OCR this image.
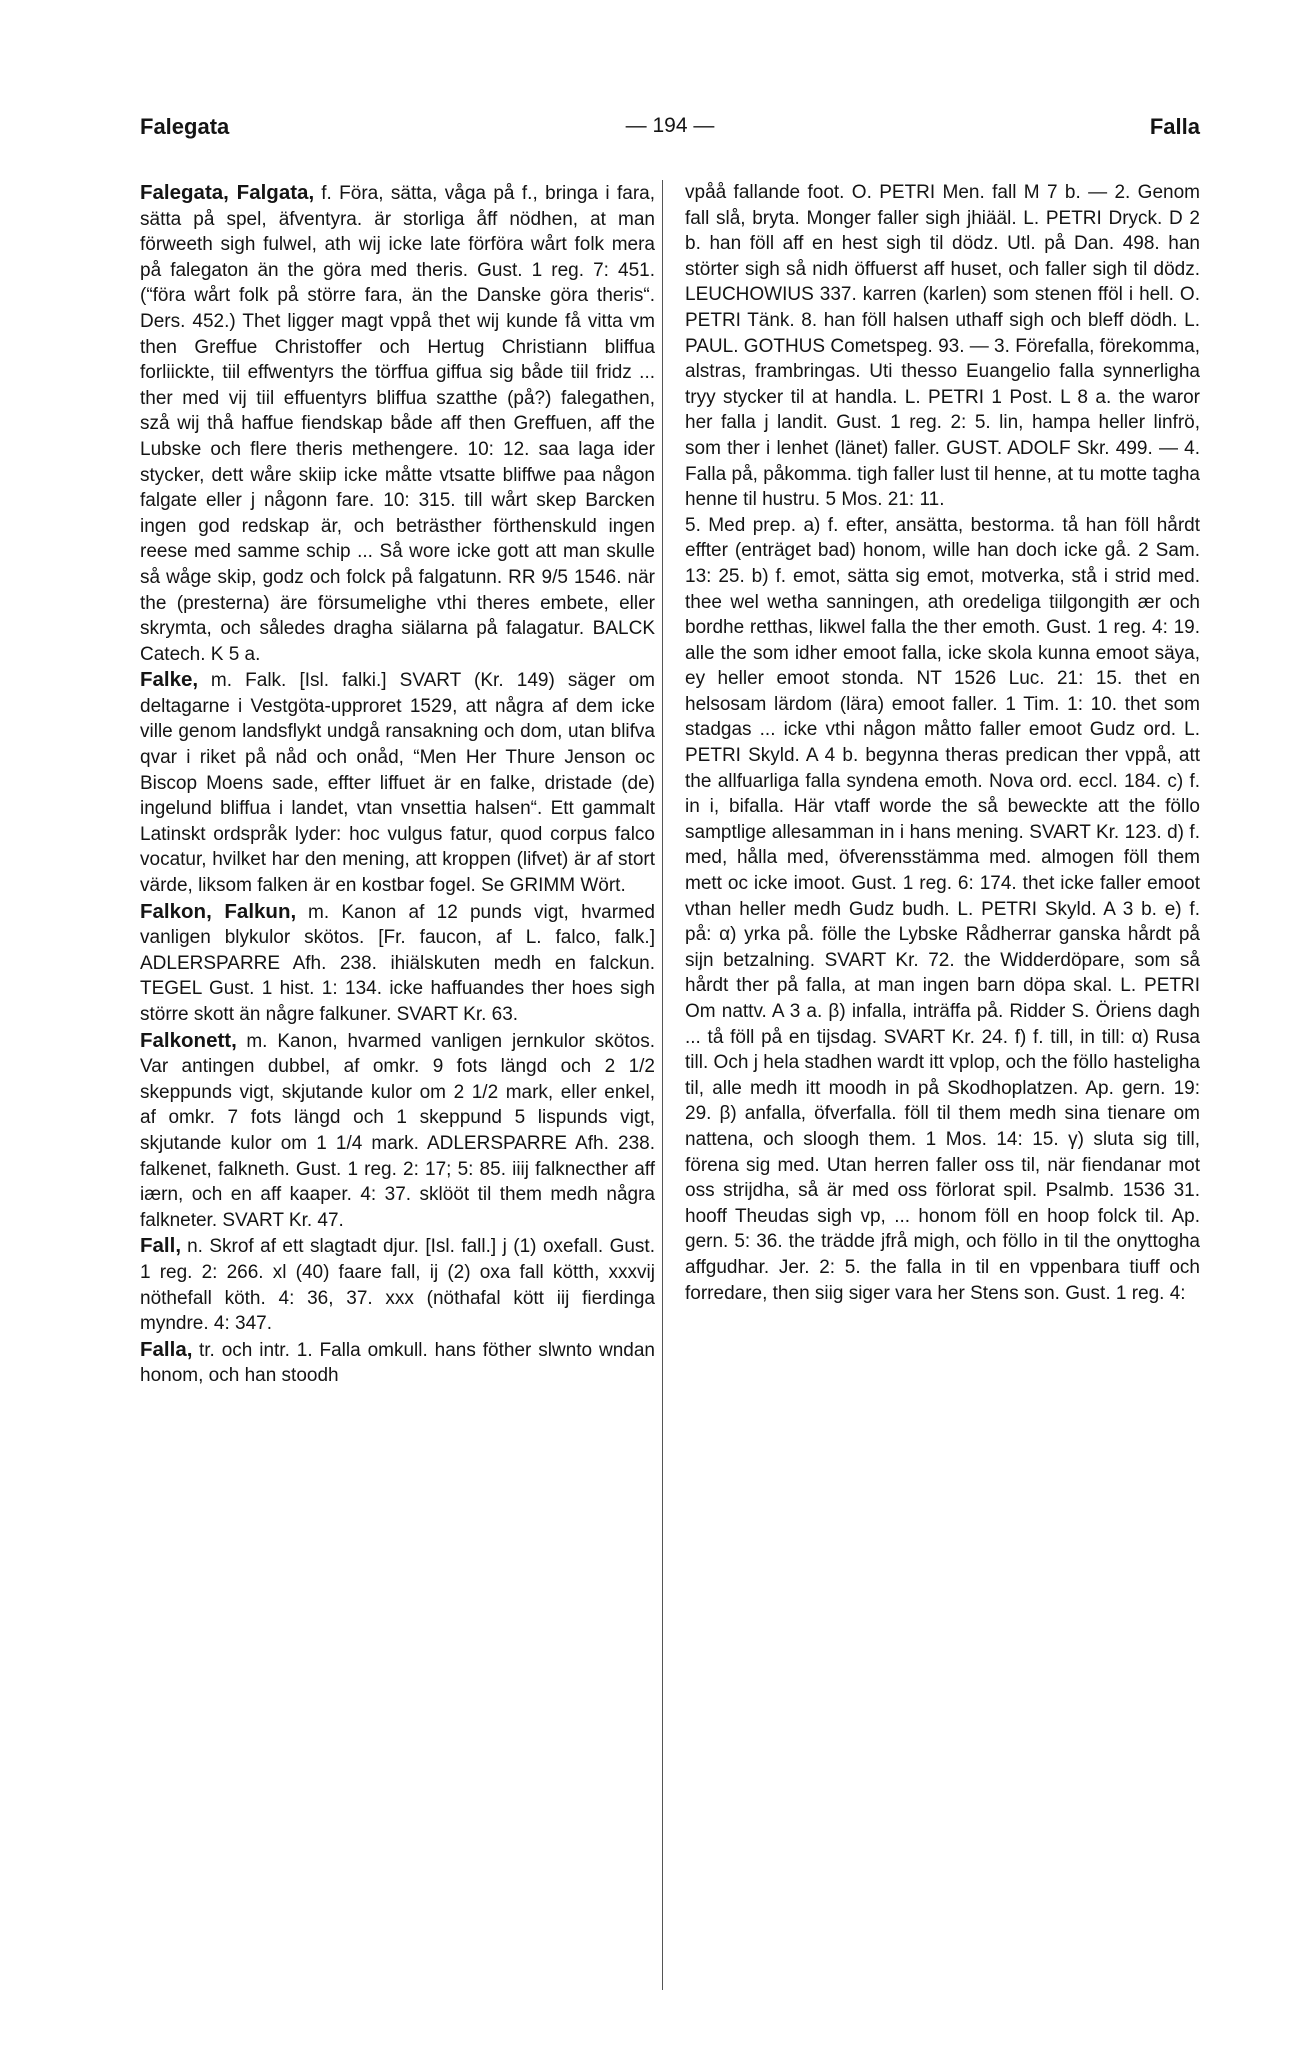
Falegata	— 194 —	Falla

Falegata, Falgata, f. Föra, sätta, våga på f., bringa i fara, sätta på spel, äfventyra. är storliga åff nödhen, at man förweeth sigh fulwel, ath wij icke late förföra wårt folk mera på falegaton än the göra med theris. Gust. 1 reg. 7: 451. (“föra wårt folk på större fara, än the Danske göra theris“. Ders. 452.) Thet ligger magt vppå thet wij kunde få vitta vm then Greffue Christoffer och Hertug Christiann bliffua forliickte, tiil effwentyrs the törffua giffua sig både tiil fridz ... ther med vij tiil effuentyrs bliffua szatthe (på?) falegathen, szå wij thå haffue fiendskap både aff then Greffuen, aff the Lubske och flere theris methengere. 10: 12. saa laga ider stycker, dett wåre skiip icke måtte vtsatte bliffwe paa någon falgate eller j någonn fare. 10: 315. till wårt skep Barcken ingen god redskap är, och beträsther förthenskuld ingen reese med samme schip ... Så wore icke gott att man skulle så wåge skip, godz och folck på falgatunn. RR 9/5 1546. när the (presterna) äre försumelighe vthi theres embete, eller skrymta, och således dragha siälarna på falagatur. BALCK Catech. K 5 a.

Falke, m. Falk. [Isl. falki.] SVART (Kr. 149) säger om deltagarne i Vestgöta-upproret 1529, att några af dem icke ville genom landsflykt undgå ransakning och dom, utan blifva qvar i riket på nåd och onåd, “Men Her Thure Jenson oc Biscop Moens sade, effter liffuet är en falke, dristade (de) ingelund bliffua i landet, vtan vnsettia halsen“. Ett gammalt Latinskt ordspråk lyder: hoc vulgus fatur, quod corpus falco vocatur, hvilket har den mening, att kroppen (lifvet) är af stort värde, liksom falken är en kostbar fogel. Se GRIMM Wört.

Falkon, Falkun, m. Kanon af 12 punds vigt, hvarmed vanligen blykulor skötos. [Fr. faucon, af L. falco, falk.] ADLERSPARRE Afh. 238. ihiälskuten medh en falckun. TEGEL Gust. 1 hist. 1: 134. icke haffuandes ther hoes sigh större skott än någre falkuner. SVART Kr. 63.

Falkonett, m. Kanon, hvarmed vanligen jernkulor skötos. Var antingen dubbel, af omkr. 9 fots längd och 2 1/2 skeppunds vigt, skjutande kulor om 2 1/2 mark, eller enkel, af omkr. 7 fots längd och 1 skeppund 5 lispunds vigt, skjutande kulor om 1 1/4 mark. ADLERSPARRE Afh. 238. falkenet, falkneth. Gust. 1 reg. 2: 17; 5: 85. iiij falknecther aff iærn, och en aff kaaper. 4: 37. sklööt til them medh några falkneter. SVART Kr. 47.

Fall, n. Skrof af ett slagtadt djur. [Isl. fall.] j (1) oxefall. Gust. 1 reg. 2: 266. xl (40) faare fall, ij (2) oxa fall kötth, xxxvij nöthefall köth. 4: 36, 37. xxx (nöthafal kött iij fierdinga myndre. 4: 347.

Falla, tr. och intr. 1. Falla omkull. hans föther slwnto wndan honom, och han stoodh

vpåå fallande foot. O. PETRI Men. fall M 7 b. — 2. Genom fall slå, bryta. Monger faller sigh jhiääl. L. PETRI Dryck. D 2 b. han föll aff en hest sigh til dödz. Utl. på Dan. 498. han störter sigh så nidh öffuerst aff huset, och faller sigh til dödz. LEUCHOWIUS 337. karren (karlen) som stenen fföl i hell. O. PETRI Tänk. 8. han föll halsen uthaff sigh och bleff dödh. L. PAUL. GOTHUS Cometspeg. 93. — 3. Förefalla, förekomma, alstras, frambringas. Uti thesso Euangelio falla synnerligha tryy stycker til at handla. L. PETRI 1 Post. L 8 a. the waror her falla j landit. Gust. 1 reg. 2: 5. lin, hampa heller linfrö, som ther i lenhet (länet) faller. GUST. ADOLF Skr. 499. — 4. Falla på, påkomma. tigh faller lust til henne, at tu motte tagha henne til hustru. 5 Mos. 21: 11.

5. Med prep. a) f. efter, ansätta, bestorma. tå han föll hårdt effter (enträget bad) honom, wille han doch icke gå. 2 Sam. 13: 25. b) f. emot, sätta sig emot, motverka, stå i strid med. thee wel wetha sanningen, ath oredeliga tiilgongith ær och bordhe retthas, likwel falla the ther emoth. Gust. 1 reg. 4: 19. alle the som idher emoot falla, icke skola kunna emoot säya, ey heller emoot stonda. NT 1526 Luc. 21: 15. thet en helsosam lärdom (lära) emoot faller. 1 Tim. 1: 10. thet som stadgas ... icke vthi någon måtto faller emoot Gudz ord. L. PETRI Skyld. A 4 b. begynna theras predican ther vppå, att the allfuarliga falla syndena emoth. Nova ord. eccl. 184. c) f. in i, bifalla. Här vtaff worde the så beweckte att the föllo samptlige allesamman in i hans mening. SVART Kr. 123. d) f. med, hålla med, öfverensstämma med. almogen föll them mett oc icke imoot. Gust. 1 reg. 6: 174. thet icke faller emoot vthan heller medh Gudz budh. L. PETRI Skyld. A 3 b. e) f. på: α) yrka på. fölle the Lybske Rådherrar ganska hårdt på sijn betzalning. SVART Kr. 72. the Widderdöpare, som så hårdt ther på falla, at man ingen barn döpa skal. L. PETRI Om nattv. A 3 a. β) infalla, inträffa på. Ridder S. Öriens dagh ... tå föll på en tijsdag. SVART Kr. 24. f) f. till, in till: α) Rusa till. Och j hela stadhen wardt itt vplop, och the föllo hasteligha til, alle medh itt moodh in på Skodhoplatzen. Ap. gern. 19: 29. β) anfalla, öfverfalla. föll til them medh sina tienare om nattena, och sloogh them. 1 Mos. 14: 15. γ) sluta sig till, förena sig med. Utan herren faller oss til, när fiendanar mot oss strijdha, så är med oss förlorat spil. Psalmb. 1536 31. hooff Theudas sigh vp, ... honom föll en hoop folck til. Ap. gern. 5: 36. the trädde jfrå migh, och föllo in til the onyttogha affgudhar. Jer. 2: 5. the falla in til en vppenbara tiuff och forredare, then siig siger vara her Stens son. Gust. 1 reg. 4:
